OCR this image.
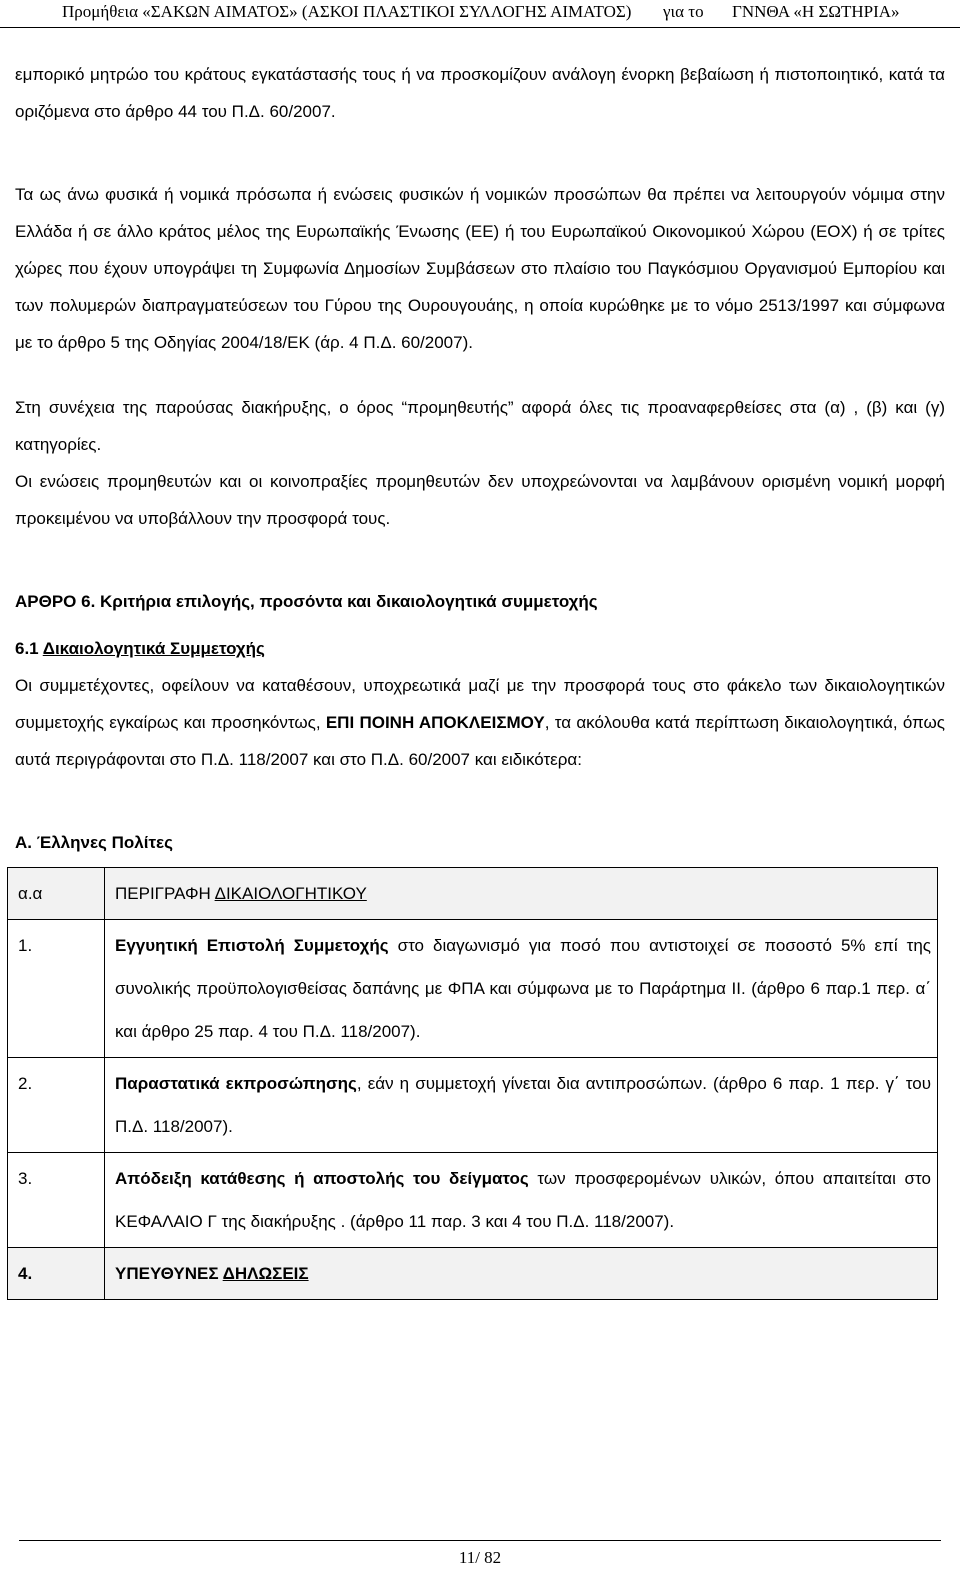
Προμήθεια «ΣΑΚΩΝ ΑΙΜΑΤΟΣ» (ΑΣΚΟΙ ΠΛΑΣΤΙΚΟΙ ΣΥΛΛΟΓΗΣ ΑΙΜΑΤΟΣ) για το ΓΝΝΘΑ «Η ΣΩΤΗΡΙΑ»

εμπορικό μητρώο του κράτους εγκατάστασής τους ή να προσκομίζουν ανάλογη ένορκη βεβαίωση ή πιστοποιητικό, κατά τα οριζόμενα στο άρθρο 44 του Π.Δ. 60/2007.

Τα ως άνω φυσικά ή νομικά πρόσωπα ή ενώσεις φυσικών ή νομικών προσώπων θα πρέπει να λειτουργούν νόμιμα στην Ελλάδα ή σε άλλο κράτος μέλος της Ευρωπαϊκής Ένωσης (ΕΕ) ή του Ευρωπαϊκού Οικονομικού Χώρου (ΕΟΧ) ή σε τρίτες χώρες που έχουν υπογράψει τη Συμφωνία Δημοσίων Συμβάσεων στο πλαίσιο του Παγκόσμιου Οργανισμού Εμπορίου και των πολυμερών διαπραγματεύσεων του Γύρου της Ουρουγουάης, η οποία κυρώθηκε με το νόμο 2513/1997 και σύμφωνα με το άρθρο 5 της Οδηγίας 2004/18/ΕΚ (άρ. 4 Π.Δ. 60/2007).

Στη συνέχεια της παρούσας διακήρυξης, ο όρος “προμηθευτής” αφορά όλες τις προαναφερθείσες στα (α) , (β) και (γ) κατηγορίες.

Οι ενώσεις προμηθευτών και οι κοινοπραξίες προμηθευτών δεν υποχρεώνονται να λαμβάνουν ορισμένη νομική μορφή προκειμένου να υποβάλλουν την προσφορά τους.

ΑΡΘΡΟ 6. Κριτήρια επιλογής, προσόντα και δικαιολογητικά συμμετοχής

6.1 Δικαιολογητικά Συμμετοχής

Οι συμμετέχοντες, οφείλουν να καταθέσουν, υποχρεωτικά μαζί με την προσφορά τους στο φάκελο των δικαιολογητικών συμμετοχής εγκαίρως και προσηκόντως, ΕΠΙ ΠΟΙΝΗ ΑΠΟΚΛΕΙΣΜΟΥ, τα ακόλουθα κατά περίπτωση δικαιολογητικά, όπως αυτά περιγράφονται στο Π.Δ. 118/2007 και στο Π.Δ. 60/2007 και ειδικότερα:

Α. Έλληνες Πολίτες

α.α	ΠΕΡΙΓΡΑΦΗ ΔΙΚΑΙΟΛΟΓΗΤΙΚΟΥ
1.	Εγγυητική Επιστολή Συμμετοχής στο διαγωνισμό για ποσό που αντιστοιχεί σε ποσοστό 5% επί της συνολικής προϋπολογισθείσας δαπάνης με ΦΠΑ και σύμφωνα με το Παράρτημα ΙΙ. (άρθρο 6 παρ.1 περ. α΄ και άρθρο 25 παρ. 4 του Π.Δ. 118/2007).
2.	Παραστατικά εκπροσώπησης, εάν η συμμετοχή γίνεται δια αντιπροσώπων. (άρθρο 6 παρ. 1 περ. γ΄ του Π.Δ. 118/2007).
3.	Απόδειξη κατάθεσης ή αποστολής του δείγματος των προσφερομένων υλικών, όπου απαιτείται στο ΚΕΦΑΛΑΙΟ Γ της διακήρυξης . (άρθρο 11 παρ. 3 και 4 του Π.Δ. 118/2007).
4.	ΥΠΕΥΘΥΝΕΣ ΔΗΛΩΣΕΙΣ
11/ 82
